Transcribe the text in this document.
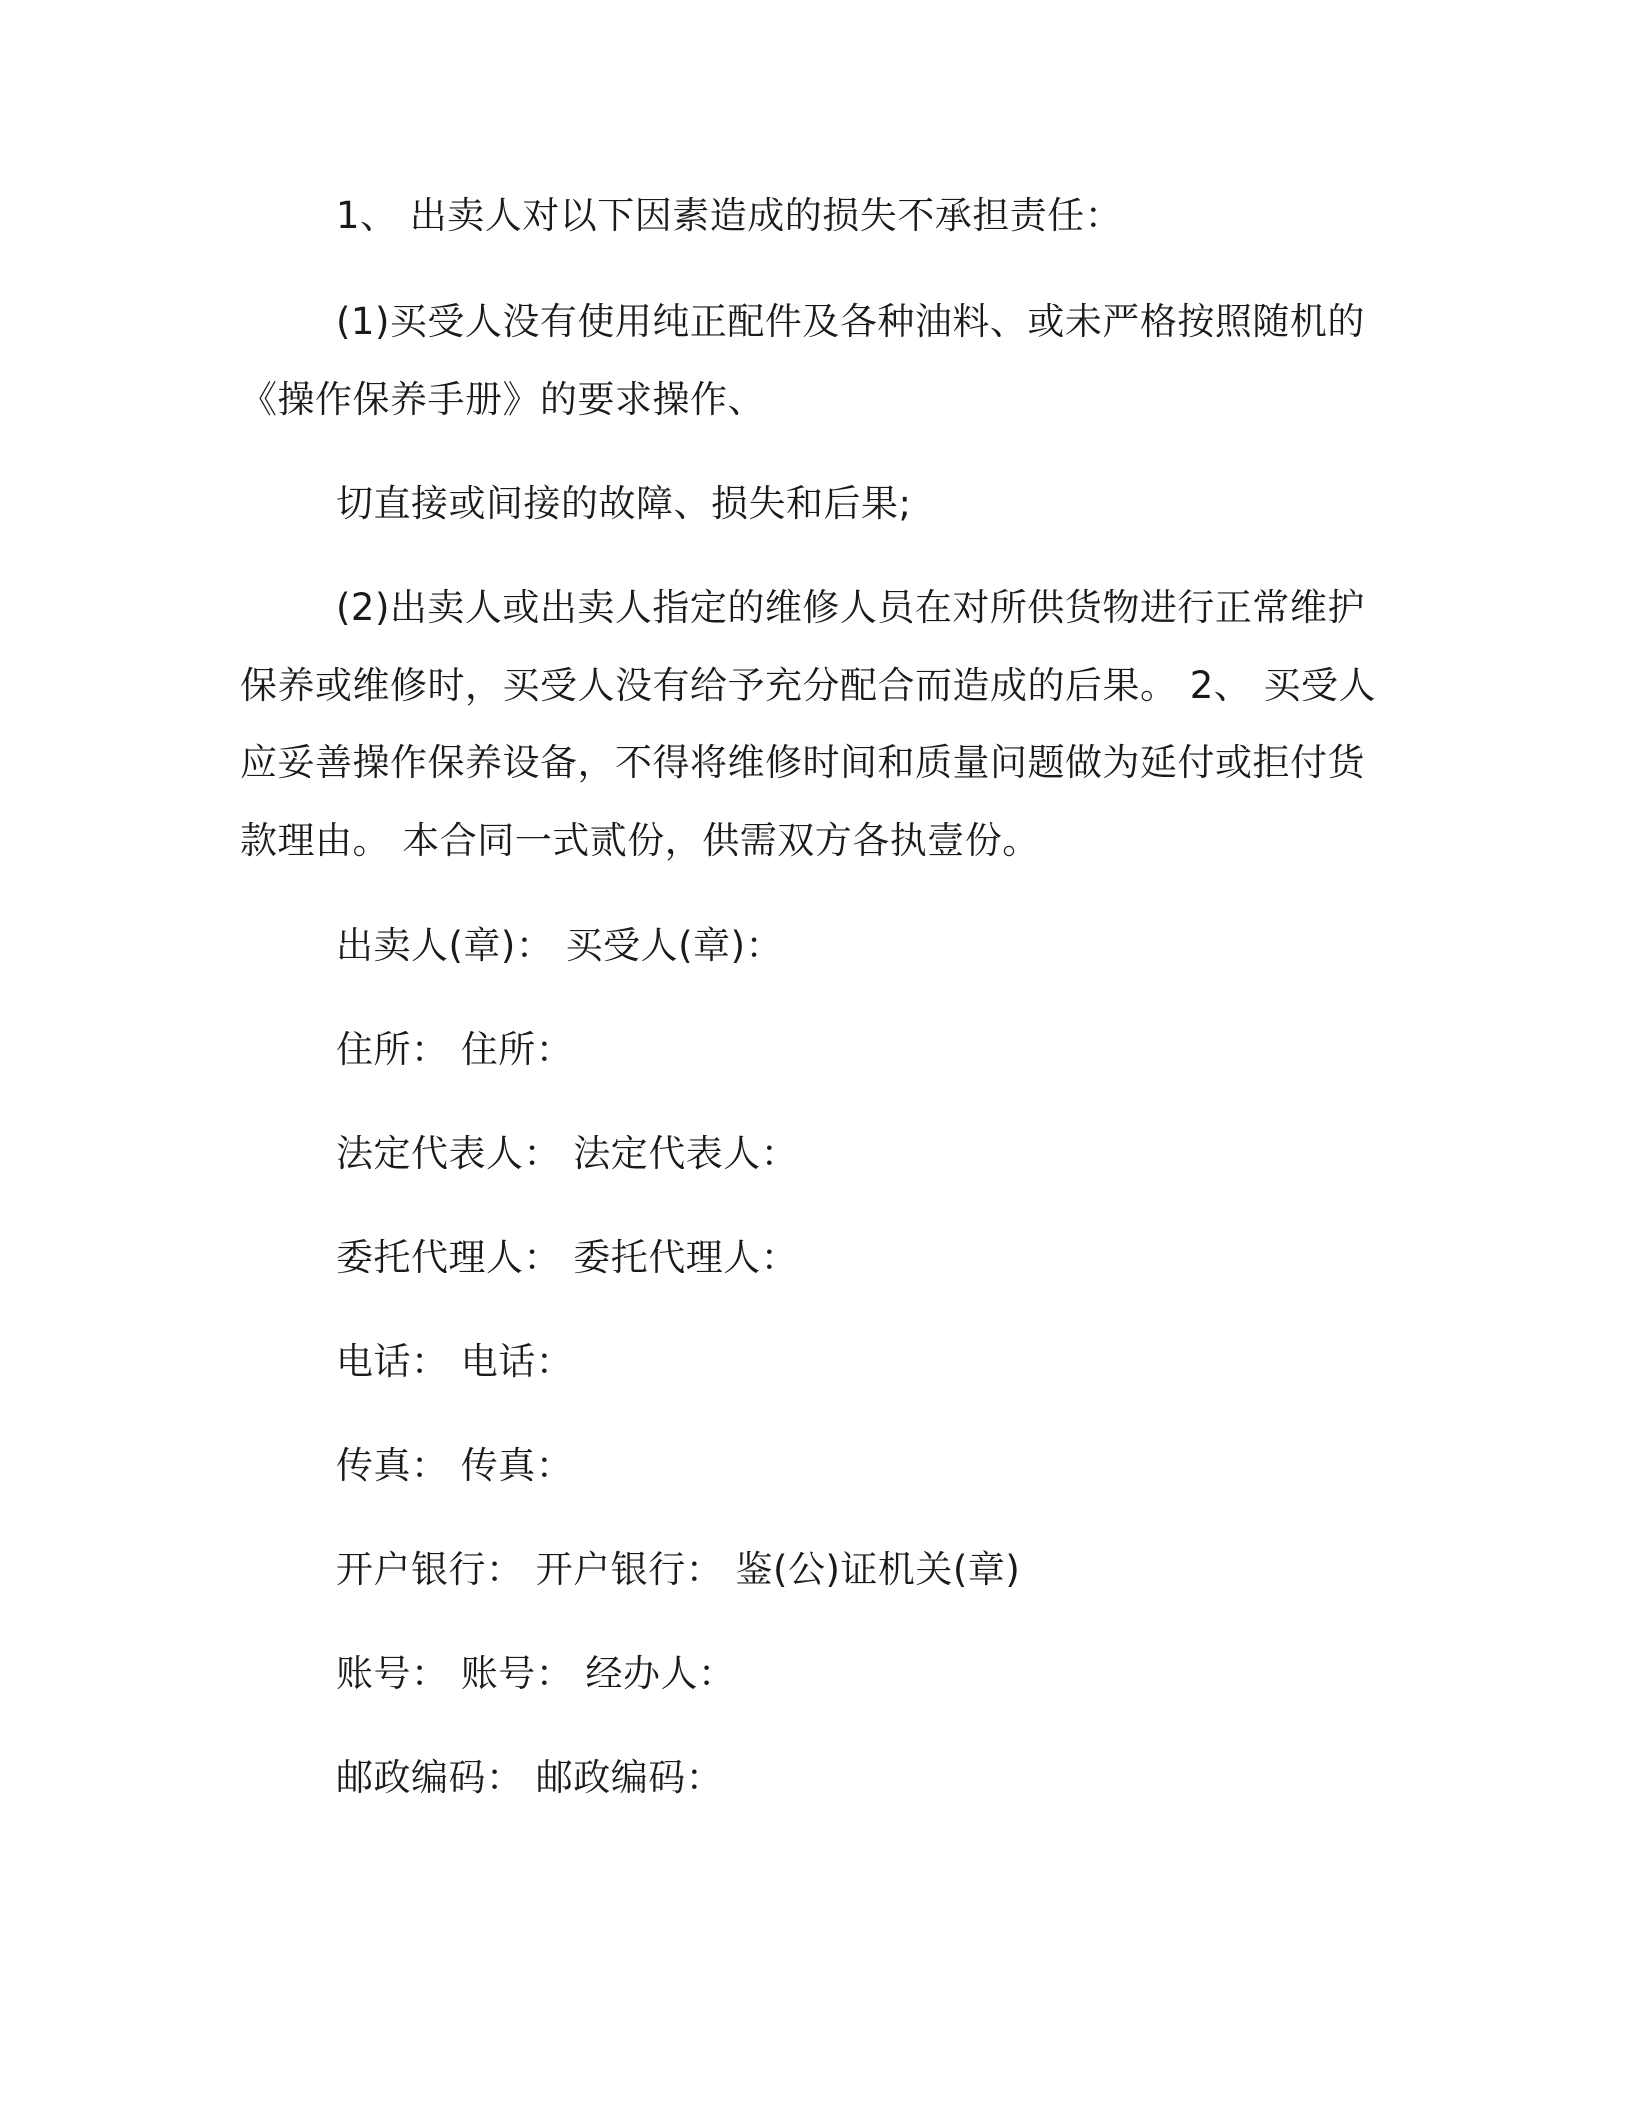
1、 出卖人对以下因素造成的损失不承担责任：
(1)买受人没有使用纯正配件及各种油料、或未严格按照随机的
《操作保养手册》的要求操作、
切直接或间接的故障、损失和后果;
(2)出卖人或出卖人指定的维修人员在对所供货物进行正常维护
保养或维修时，买受人没有给予充分配合而造成的后果。 2、 买受人
应妥善操作保养设备，不得将维修时间和质量问题做为延付或拒付货
款理由。 本合同一式贰份，供需双方各执壹份。
出卖人(章)： 买受人(章)：
住所： 住所：
法定代表人： 法定代表人：
委托代理人： 委托代理人：
电话： 电话：
传真： 传真：
开户银行： 开户银行： 鉴(公)证机关(章)
账号： 账号： 经办人：
邮政编码： 邮政编码：
